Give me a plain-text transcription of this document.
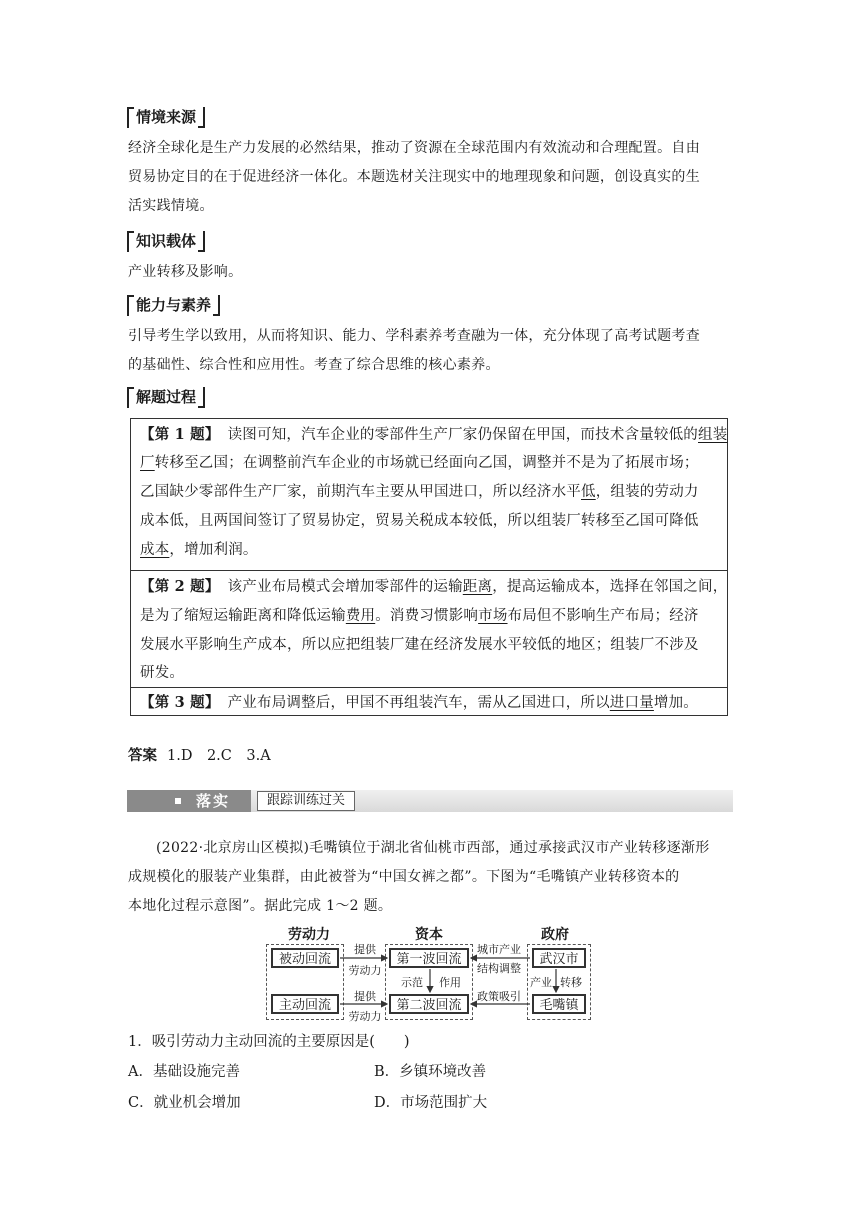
情境来源
经济全球化是生产力发展的必然结果，推动了资源在全球范围内有效流动和合理配置。自由
贸易协定目的在于促进经济一体化。本题选材关注现实中的地理现象和问题，创设真实的生
活实践情境。
知识载体
产业转移及影响。
能力与素养
引导考生学以致用，从而将知识、能力、学科素养考查融为一体，充分体现了高考试题考查
的基础性、综合性和应用性。考查了综合思维的核心素养。
解题过程
【第 1 题】 读图可知，汽车企业的零部件生产厂家仍保留在甲国，而技术含量较低的组装
厂转移至乙国；在调整前汽车企业的市场就已经面向乙国，调整并不是为了拓展市场；
乙国缺少零部件生产厂家，前期汽车主要从甲国进口，所以经济水平低，组装的劳动力
成本低，且两国间签订了贸易协定，贸易关税成本较低，所以组装厂转移至乙国可降低
成本，增加利润。
【第 2 题】 该产业布局模式会增加零部件的运输距离，提高运输成本，选择在邻国之间，
是为了缩短运输距离和降低运输费用。消费习惯影响市场布局但不影响生产布局；经济
发展水平影响生产成本，所以应把组装厂建在经济发展水平较低的地区；组装厂不涉及
研发。
【第 3 题】 产业布局调整后，甲国不再组装汽车，需从乙国进口，所以进口量增加。
答案 1.D　2.C　3.A
落实	跟踪训练过关
(2022·北京房山区模拟)毛嘴镇位于湖北省仙桃市西部，通过承接武汉市产业转移逐渐形
成规模化的服装产业集群，由此被誉为“中国女裤之都”。下图为“毛嘴镇产业转移资本的
本地化过程示意图”。据此完成 1～2 题。
劳动力	资本	政府
被动回流
主动回流
第一波回流
第二波回流
武汉市
毛嘴镇
提供
劳动力
提供
劳动力
城市产业
结构调整
政策吸引
示范	作用	产业 转移
1．吸引劳动力主动回流的主要原因是(　　)
A．基础设施完善	B．乡镇环境改善
C．就业机会增加	D．市场范围扩大
